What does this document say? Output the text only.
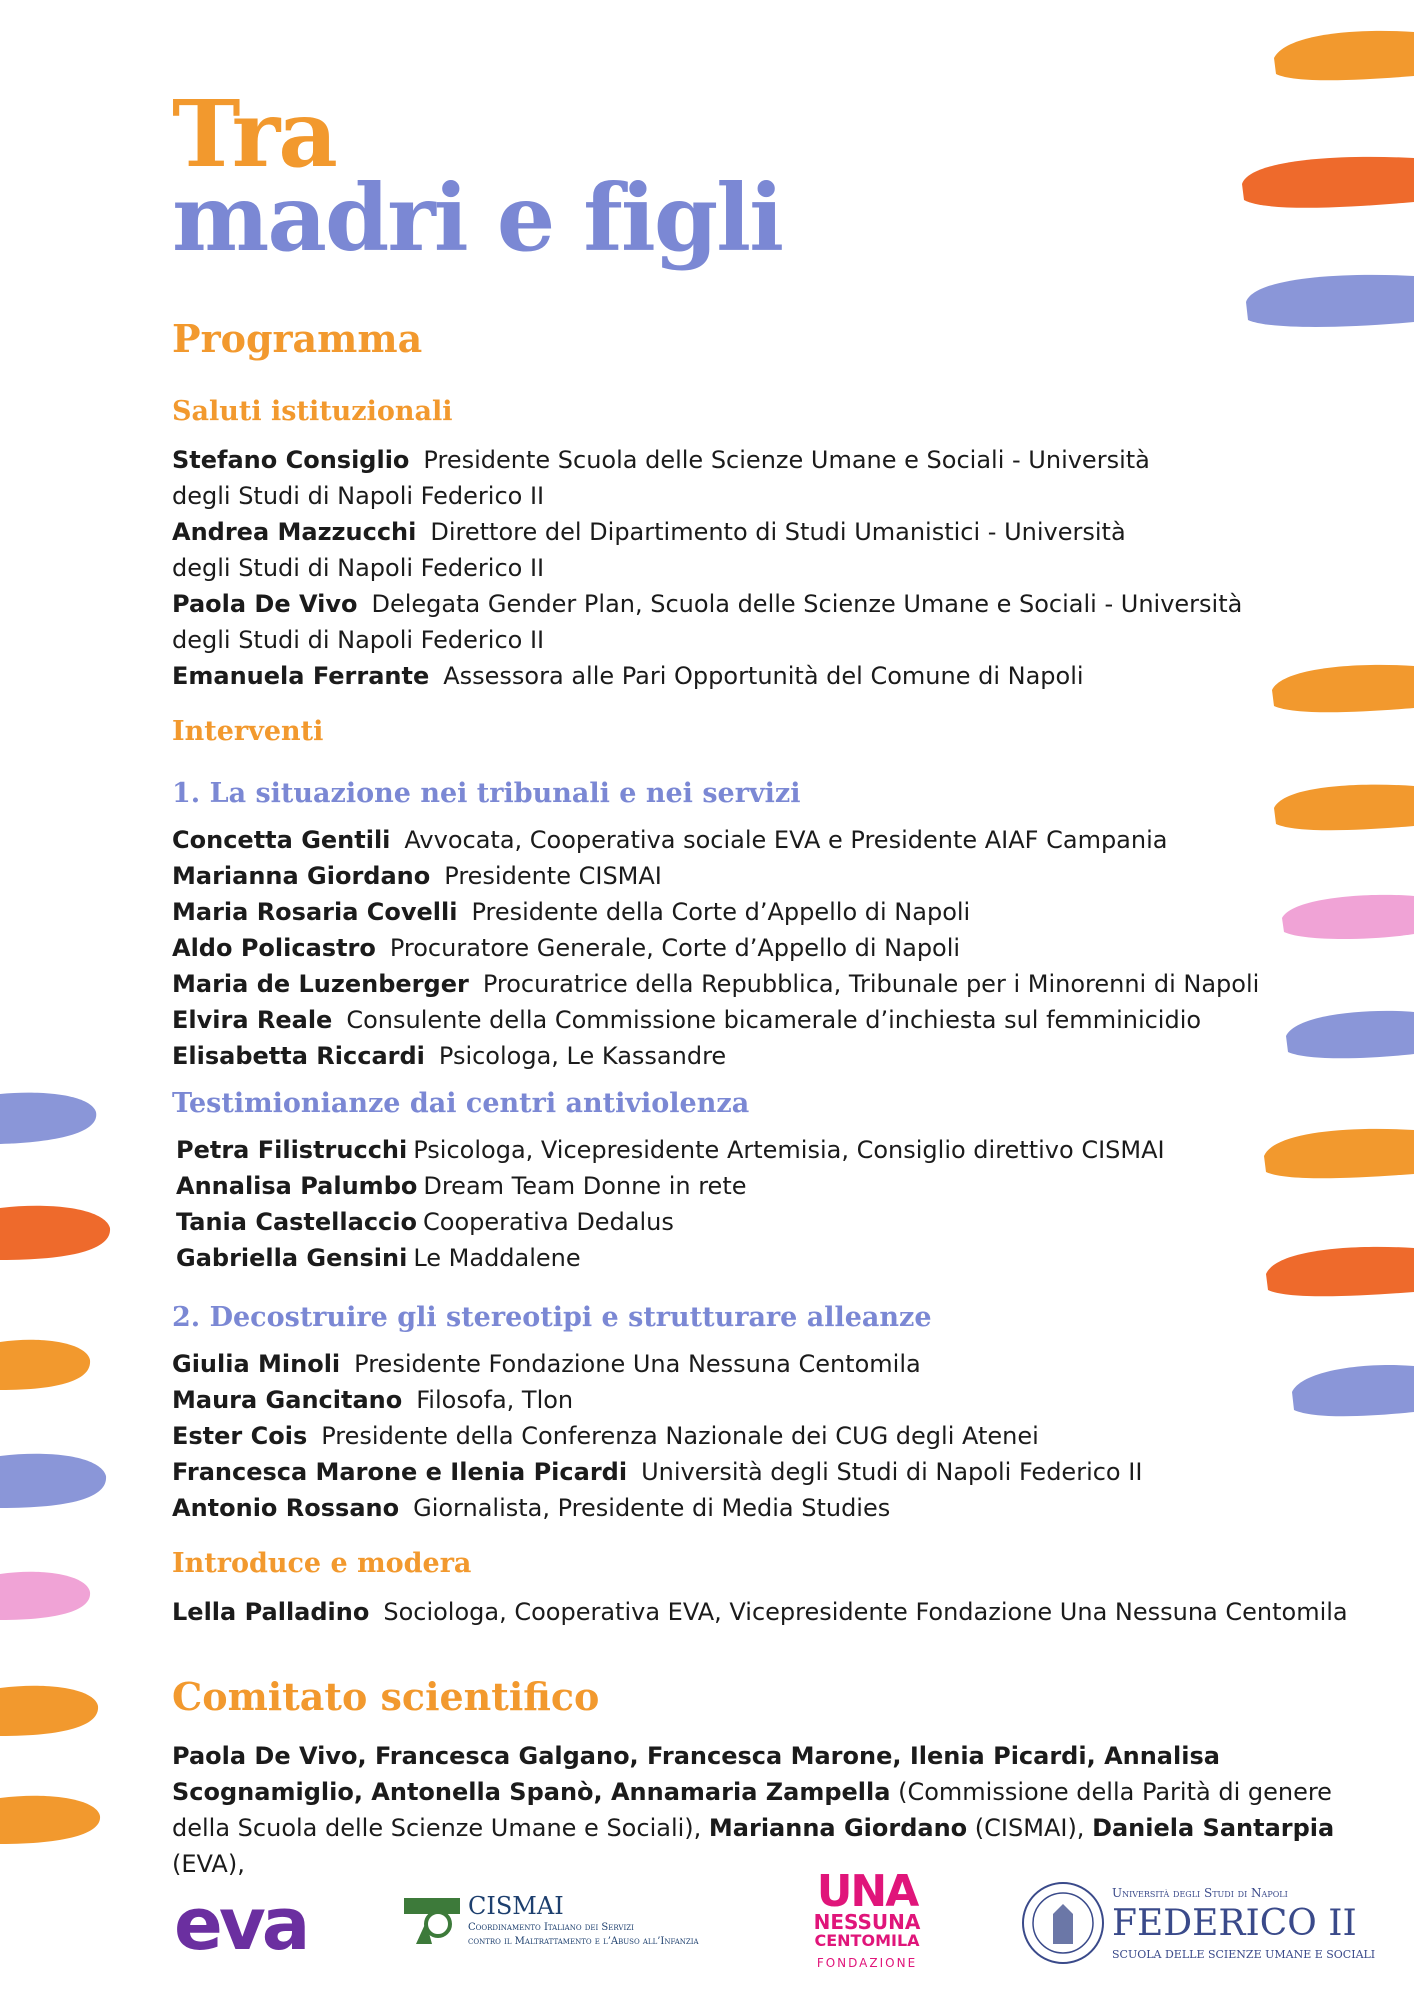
Tra
madri e figli
Programma
Saluti istituzionali
Stefano Consiglio Presidente Scuola delle Scienze Umane e Sociali - Università
degli Studi di Napoli Federico II
Andrea Mazzucchi Direttore del Dipartimento di Studi Umanistici - Università
degli Studi di Napoli Federico II
Paola De Vivo Delegata Gender Plan, Scuola delle Scienze Umane e Sociali - Università
degli Studi di Napoli Federico II
Emanuela Ferrante Assessora alle Pari Opportunità del Comune di Napoli
Interventi
1. La situazione nei tribunali e nei servizi
Concetta Gentili Avvocata, Cooperativa sociale EVA e Presidente AIAF Campania
Marianna Giordano Presidente CISMAI
Maria Rosaria Covelli Presidente della Corte d’Appello di Napoli
Aldo Policastro Procuratore Generale, Corte d’Appello di Napoli
Maria de Luzenberger Procuratrice della Repubblica, Tribunale per i Minorenni di Napoli
Elvira Reale Consulente della Commissione bicamerale d’inchiesta sul femminicidio
Elisabetta Riccardi Psicologa, Le Kassandre
Testimionianze dai centri antiviolenza
Petra Filistrucchi Psicologa, Vicepresidente Artemisia, Consiglio direttivo CISMAI
Annalisa Palumbo Dream Team Donne in rete
Tania Castellaccio Cooperativa Dedalus
Gabriella Gensini Le Maddalene
2. Decostruire gli stereotipi e strutturare alleanze
Giulia Minoli Presidente Fondazione Una Nessuna Centomila
Maura Gancitano Filosofa, Tlon
Ester Cois Presidente della Conferenza Nazionale dei CUG degli Atenei
Francesca Marone e Ilenia Picardi Università degli Studi di Napoli Federico II
Antonio Rossano Giornalista, Presidente di Media Studies
Introduce e modera
Lella Palladino Sociologa, Cooperativa EVA, Vicepresidente Fondazione Una Nessuna Centomila
Comitato scientifico
Paola De Vivo, Francesca Galgano, Francesca Marone, Ilenia Picardi, Annalisa Scognamiglio, Antonella Spanò, Annamaria Zampella (Commissione della Parità di genere della Scuola delle Scienze Umane e Sociali), Marianna Giordano (CISMAI), Daniela Santarpia (EVA),
eva	CISMAI
Coordinamento Italiano dei Servizi
contro il Maltrattamento e l’Abuso all’Infanzia
UNA
NESSUNA
CENTOMILA
FONDAZIONE
Università degli Studi di Napoli
FEDERICO II
SCUOLA DELLE SCIENZE UMANE E SOCIALI
